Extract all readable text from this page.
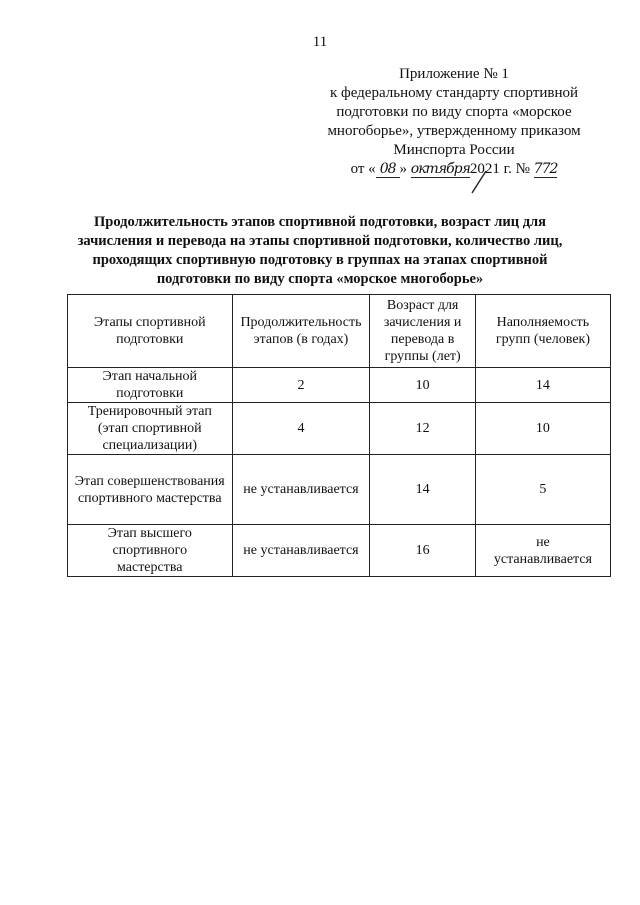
11
Приложение № 1
к федеральному стандарту спортивной
подготовки по виду спорта «морское
многоборье», утвержденному приказом
Минспорта России
от « 08 » октября2021 г. № 772
Продолжительность этапов спортивной подготовки, возраст лиц для зачисления и перевода на этапы спортивной подготовки, количество лиц, проходящих спортивную подготовку в группах на этапах спортивной подготовки по виду спорта «морское многоборье»
Этапы спортивной подготовки	Продолжительность этапов (в годах)	Возраст для зачисления и перевода в группы (лет)	Наполняемость групп (человек)
Этап начальной подготовки	2	10	14
Тренировочный этап (этап спортивной специализации)	4	12	10
Этап совершенствования спортивного мастерства	не устанавливается	14	5
Этап высшего спортивного мастерства	не устанавливается	16	не устанавливается
